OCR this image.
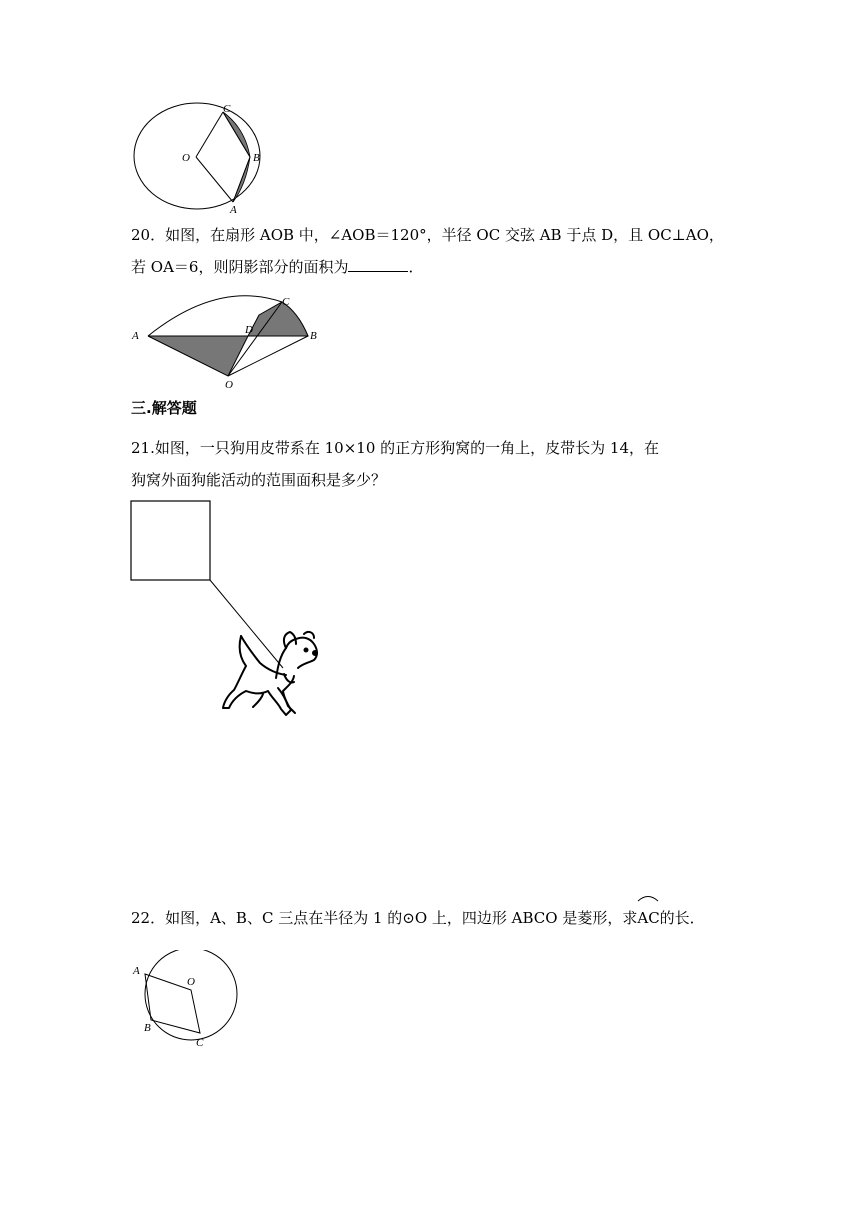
C
O	B
A
20．如图，在扇形 AOB 中，∠AOB＝120°，半径 OC 交弦 AB 于点 D，且 OC⊥AO，
若 OA＝6，则阴影部分的面积为	．
A	D
C
B
O
三.解答题
21.如图，一只狗用皮带系在 10×10 的正方形狗窝的一角上，皮带长为 14，在
狗窝外面狗能活动的范围面积是多少？
22．如图，A、B、C 三点在半径为 1 的⊙O 上，四边形 ABCO 是菱形，求
AC的长．
A
O
B
C
